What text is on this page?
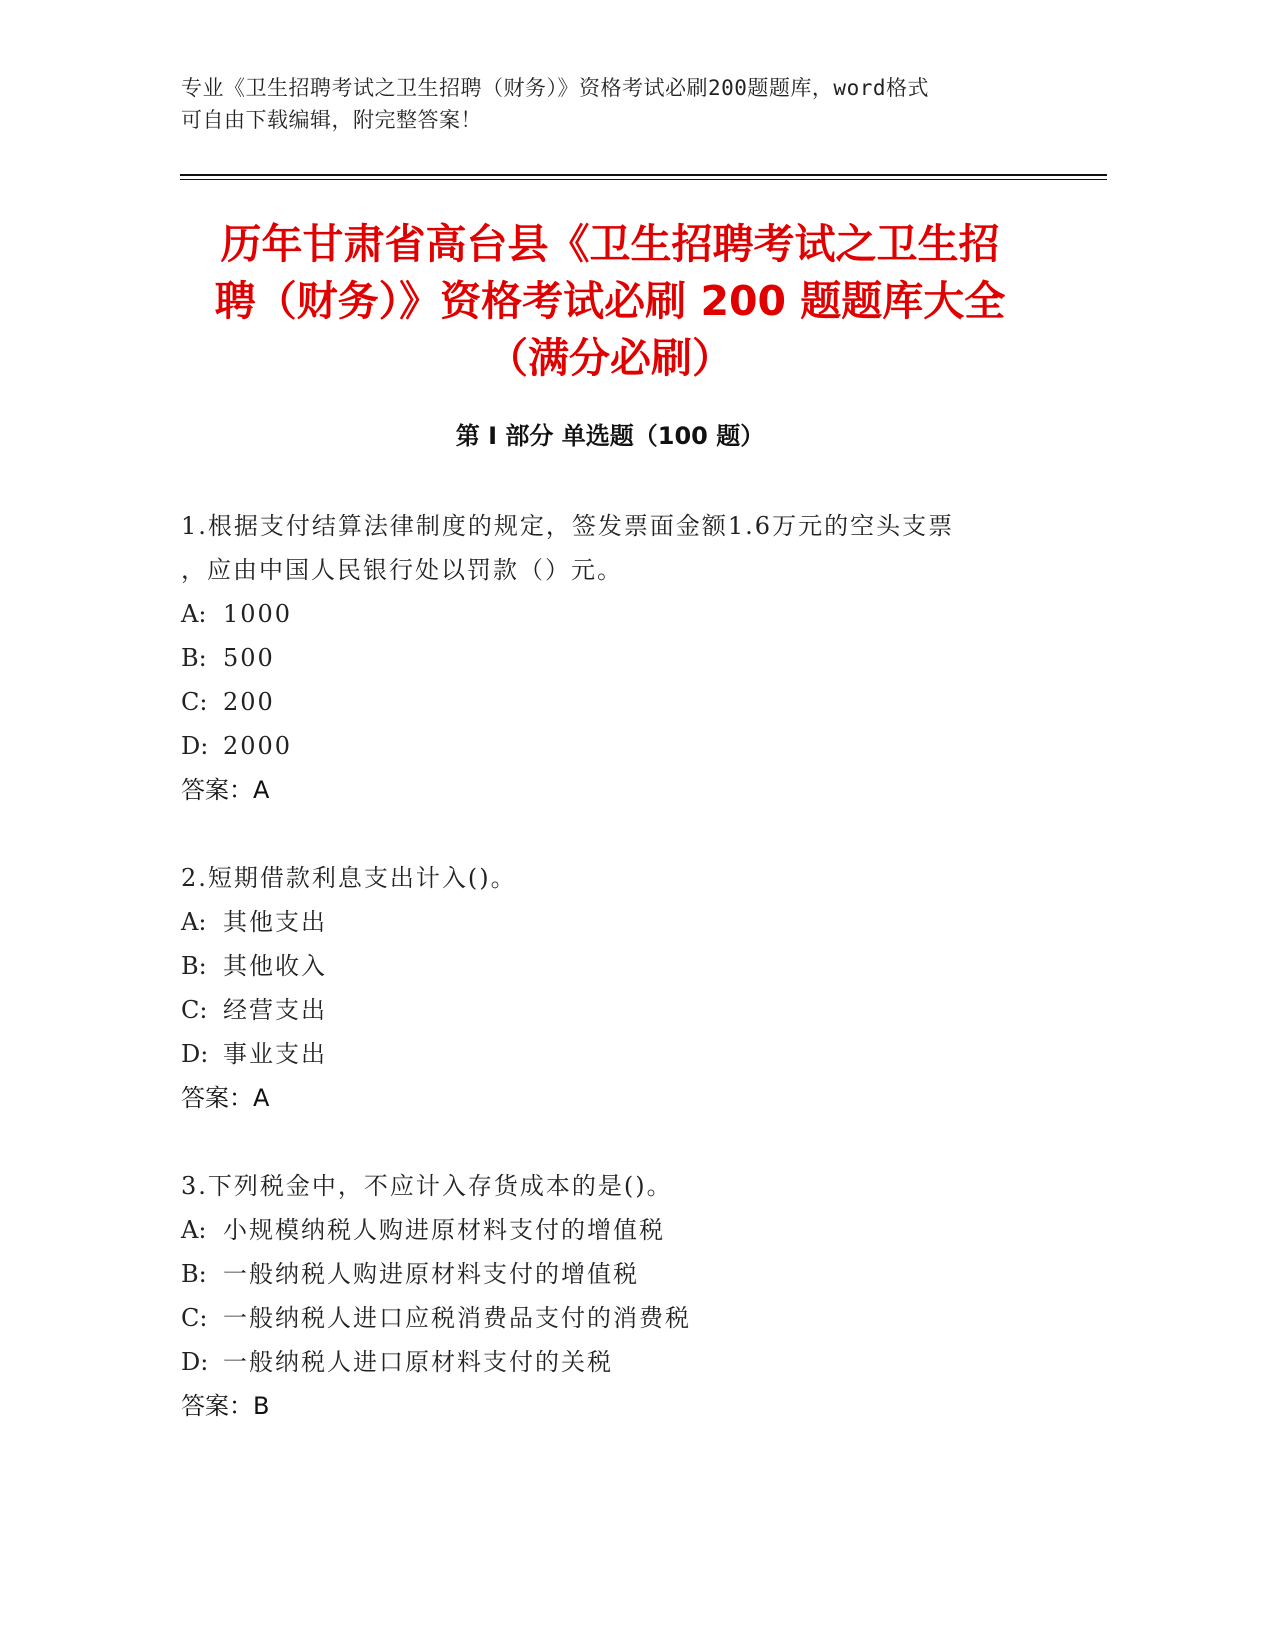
专业《卫生招聘考试之卫生招聘（财务）》资格考试必刷200题题库，word格式
可自由下载编辑，附完整答案！
历年甘肃省高台县《卫生招聘考试之卫生招
聘（财务）》资格考试必刷 200 题题库大全
（满分必刷）
第 I 部分 单选题（100 题）
1.根据支付结算法律制度的规定，签发票面金额1.6万元的空头支票
，应由中国人民银行处以罚款（）元。
A: 1000
B: 500
C: 200
D: 2000
答案：A
2.短期借款利息支出计入()。
A: 其他支出
B: 其他收入
C: 经营支出
D: 事业支出
答案：A
3.下列税金中，不应计入存货成本的是()。
A: 小规模纳税人购进原材料支付的增值税
B: 一般纳税人购进原材料支付的增值税
C: 一般纳税人进口应税消费品支付的消费税
D: 一般纳税人进口原材料支付的关税
答案：B
